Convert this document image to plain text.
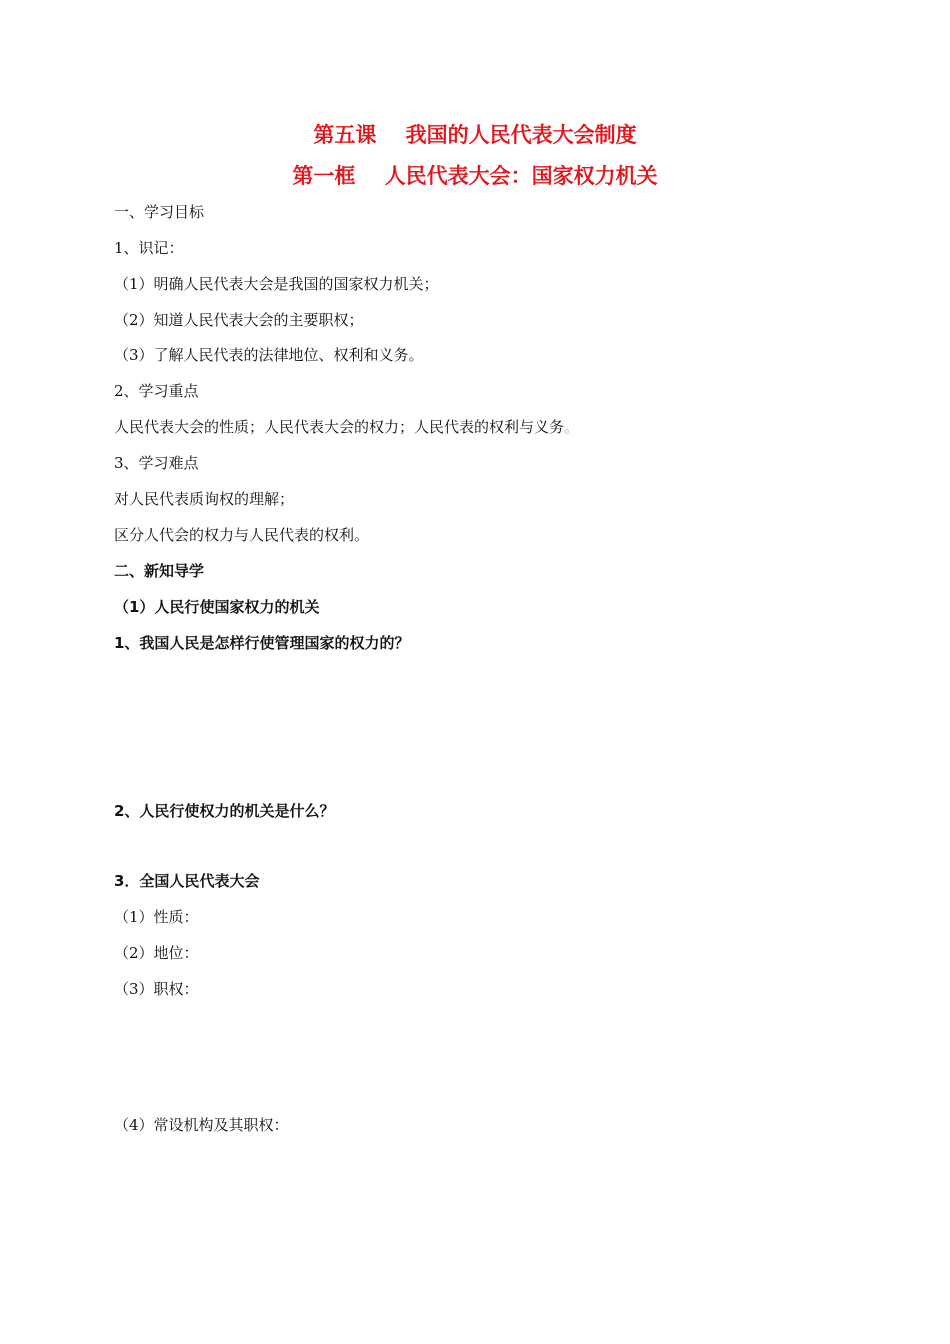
第五课    我国的人民代表大会制度
第一框    人民代表大会：国家权力机关
一、学习目标
1、识记：
（1）明确人民代表大会是我国的国家权力机关；
（2）知道人民代表大会的主要职权；
（3）了解人民代表的法律地位、权利和义务。
2、学习重点
人民代表大会的性质；人民代表大会的权力；人民代表的权利与义务。
3、学习难点
对人民代表质询权的理解；
区分人代会的权力与人民代表的权利。
二、新知导学
（1）人民行使国家权力的机关
1、我国人民是怎样行使管理国家的权力的？
2、人民行使权力的机关是什么？
3．全国人民代表大会
（1）性质：
（2）地位：
（3）职权：
（4）常设机构及其职权：
